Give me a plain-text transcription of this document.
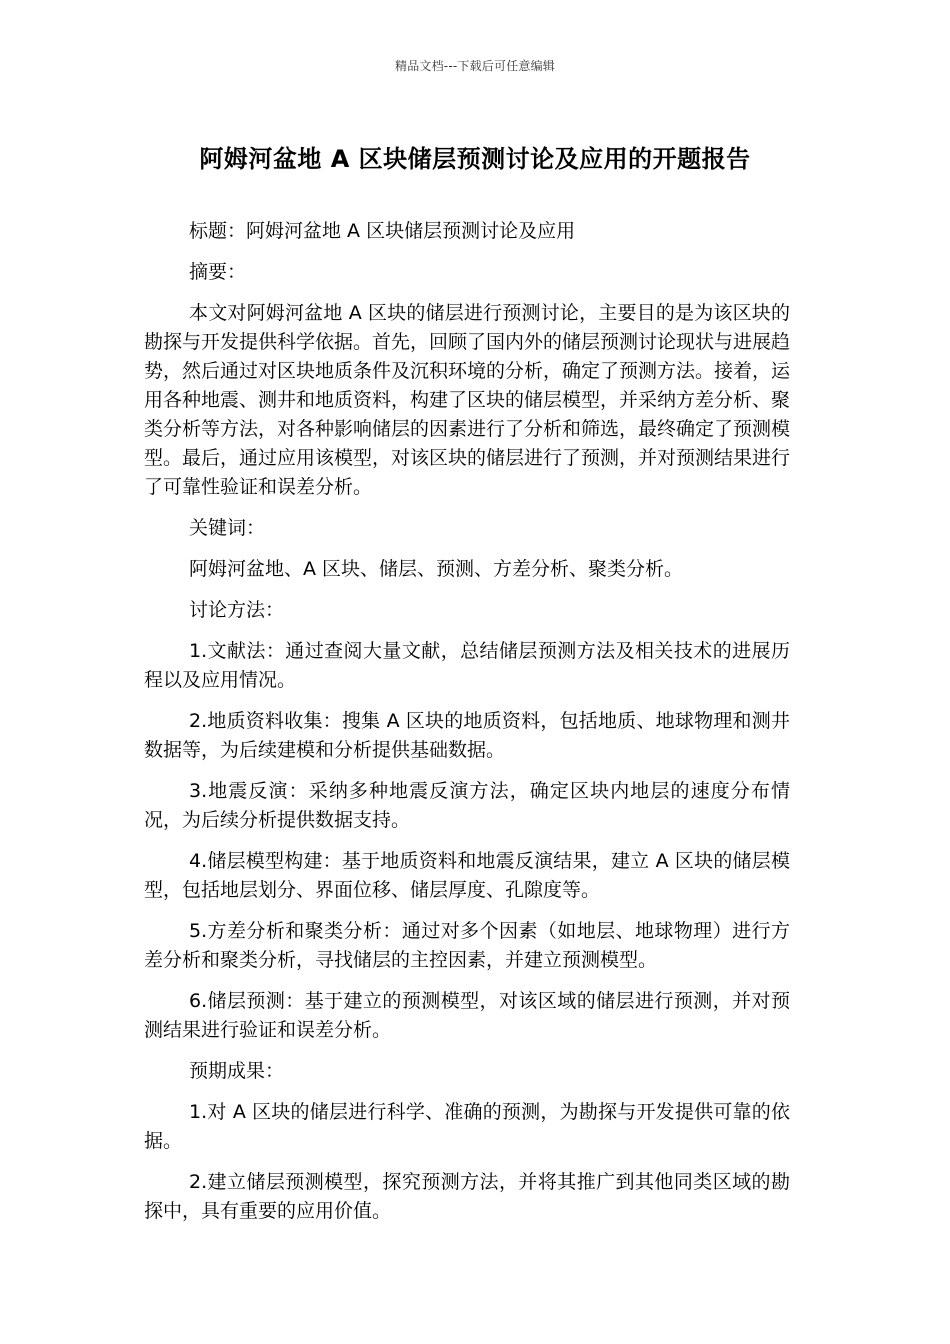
精品文档---下载后可任意编辑
阿姆河盆地 A 区块储层预测讨论及应用的开题报告

标题：阿姆河盆地 A 区块储层预测讨论及应用

摘要：

本文对阿姆河盆地 A 区块的储层进行预测讨论，主要目的是为该区块的勘探与开发提供科学依据。首先，回顾了国内外的储层预测讨论现状与进展趋势，然后通过对区块地质条件及沉积环境的分析，确定了预测方法。接着，运用各种地震、测井和地质资料，构建了区块的储层模型，并采纳方差分析、聚类分析等方法，对各种影响储层的因素进行了分析和筛选，最终确定了预测模型。最后，通过应用该模型，对该区块的储层进行了预测，并对预测结果进行了可靠性验证和误差分析。

关键词：

阿姆河盆地、A 区块、储层、预测、方差分析、聚类分析。

讨论方法：

1.文献法：通过查阅大量文献，总结储层预测方法及相关技术的进展历程以及应用情况。

2.地质资料收集：搜集 A 区块的地质资料，包括地质、地球物理和测井数据等，为后续建模和分析提供基础数据。

3.地震反演：采纳多种地震反演方法，确定区块内地层的速度分布情况，为后续分析提供数据支持。

4.储层模型构建：基于地质资料和地震反演结果，建立 A 区块的储层模型，包括地层划分、界面位移、储层厚度、孔隙度等。

5.方差分析和聚类分析：通过对多个因素（如地层、地球物理）进行方差分析和聚类分析，寻找储层的主控因素，并建立预测模型。

6.储层预测：基于建立的预测模型，对该区域的储层进行预测，并对预测结果进行验证和误差分析。

预期成果：

1.对 A 区块的储层进行科学、准确的预测，为勘探与开发提供可靠的依据。

2.建立储层预测模型，探究预测方法，并将其推广到其他同类区域的勘探中，具有重要的应用价值。
